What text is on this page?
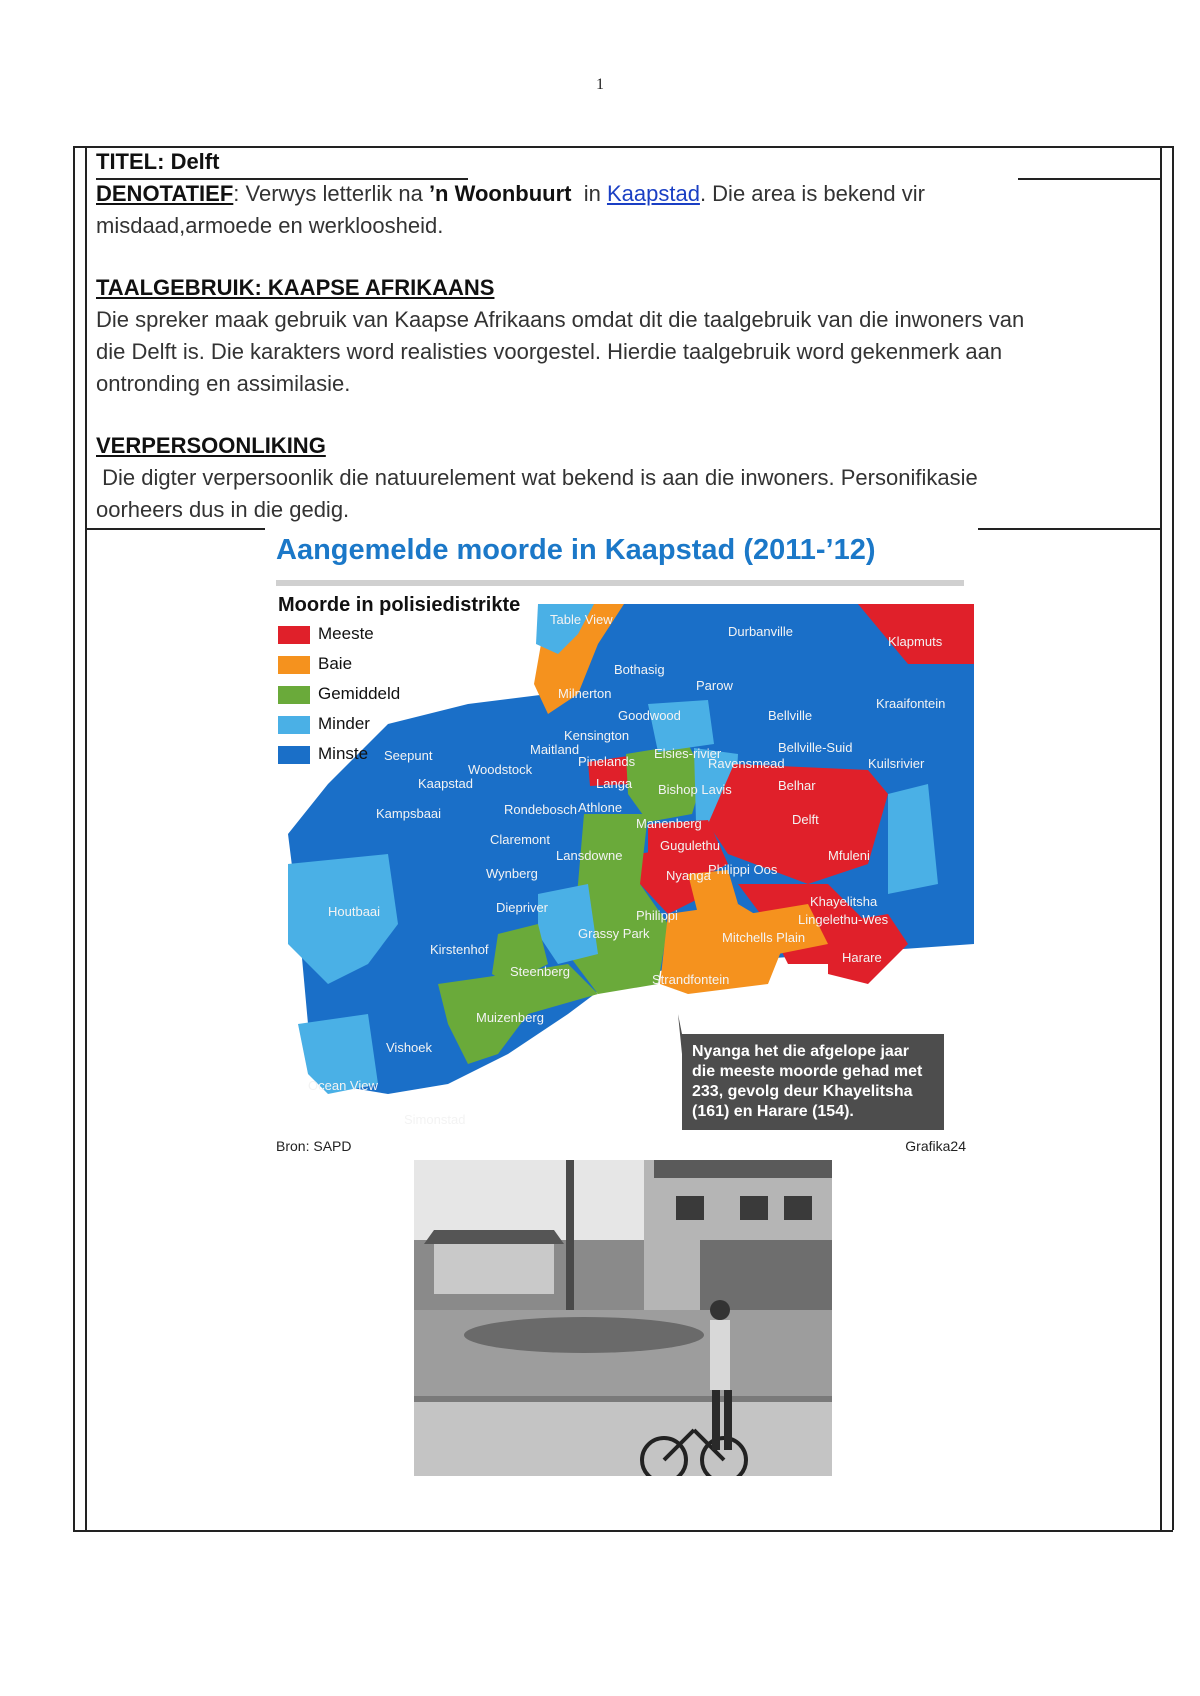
1
TITEL: Delft
DENOTATIEF: Verwys letterlik na ’n Woonbuurt  in Kaapstad. Die area is bekend vir
misdaad,armoede en werkloosheid.
TAALGEBRUIK: KAAPSE AFRIKAANS
Die spreker maak gebruik van Kaapse Afrikaans omdat dit die taalgebruik van die inwoners van
die Delft is. Die karakters word realisties voorgestel. Hierdie taalgebruik word gekenmerk aan
ontronding en assimilasie.
VERPERSOONLIKING
Die digter verpersoonlik die natuurelement wat bekend is aan die inwoners. Personifikasie
oorheers dus in die gedig.
Aangemelde moorde in Kaapstad (2011-’12)
Moorde in polisiedistrikte
Meeste
Baie
Gemiddeld
Minder
Minste
Table View
Durbanville
Klapmuts
Bothasig
Parow
Milnerton
Kraaifontein
Goodwood	Bellville
Kensington
Maitland
Seepunt
Woodstock
Pinelands
Elsies-rivier
Ravensmead
Bellville-Suid
Kuilsrivier
Kaapstad	Langa Bishop Lavis	Belhar
Kampsbaai	Rondebosch Athlone
Delft
Manenberg
Gugulethu
Claremont
Lansdowne	Mfuleni
Nyanga
Philippi Oos
Wynberg
Diepriver
Houtbaai	Philippi
Khayelitsha
Lingelethu-Wes
Grassy Park	Mitchells Plain
Kirstenhof
Steenberg
Harare
Strandfontein
Muizenberg
Vishoek
Ocean View
Simonstad
Nyanga het die afgelope jaar die meeste moorde gehad met 233, gevolg deur Khayelitsha (161) en Harare (154).
Bron: SAPD	Grafika24
